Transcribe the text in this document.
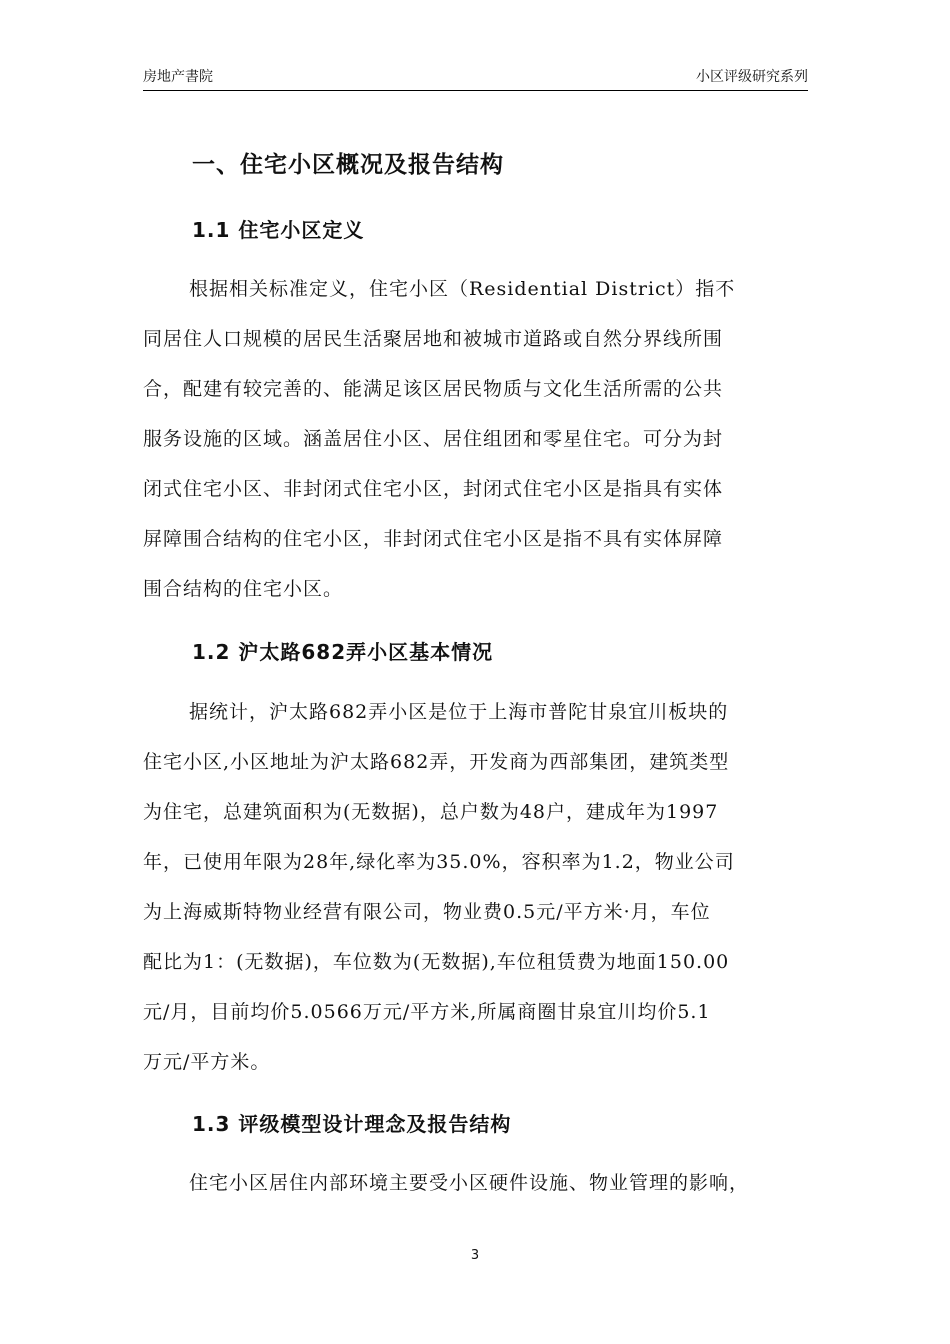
房地产書院	小区评级研究系列
一、住宅小区概况及报告结构
1.1 住宅小区定义
根据相关标准定义，住宅小区（Residential District）指不
同居住人口规模的居民生活聚居地和被城市道路或自然分界线所围
合，配建有较完善的、能满足该区居民物质与文化生活所需的公共
服务设施的区域。涵盖居住小区、居住组团和零星住宅。可分为封
闭式住宅小区、非封闭式住宅小区，封闭式住宅小区是指具有实体
屏障围合结构的住宅小区，非封闭式住宅小区是指不具有实体屏障
围合结构的住宅小区。
1.2 沪太路682弄小区基本情况
据统计，沪太路682弄小区是位于上海市普陀甘泉宜川板块的
住宅小区,小区地址为沪太路682弄，开发商为西部集团，建筑类型
为住宅，总建筑面积为(无数据)，总户数为48户，建成年为1997
年，已使用年限为28年,绿化率为35.0%，容积率为1.2，物业公司
为上海威斯特物业经营有限公司，物业费0.5元/平方米·月，车位
配比为1：(无数据)，车位数为(无数据),车位租赁费为地面150.00
元/月，目前均价5.0566万元/平方米,所属商圈甘泉宜川均价5.1
万元/平方米。
1.3 评级模型设计理念及报告结构
住宅小区居住内部环境主要受小区硬件设施、物业管理的影响，
3
